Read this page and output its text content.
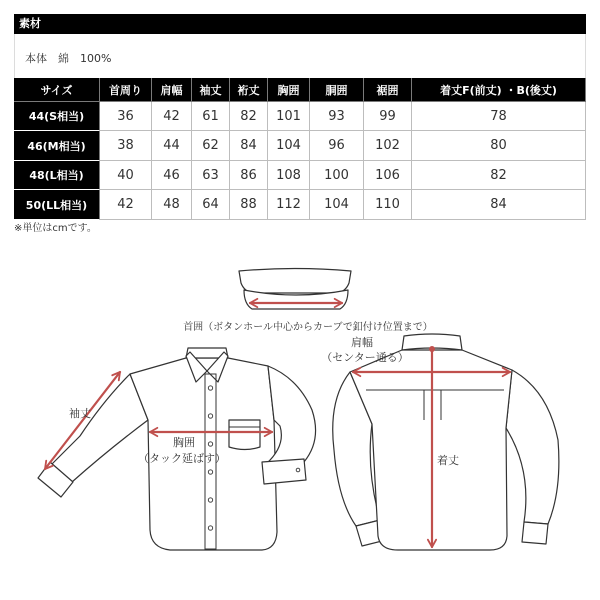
素材
本体　綿　100%
サイズ	首周り	肩幅	袖丈	裄丈	胸囲	胴囲	裾囲	着丈F(前丈) ・B(後丈)
44(S相当)	36	42	61	82	101	93	99	78
46(M相当)	38	44	62	84	104	96	102	80
48(L相当)	40	46	63	86	108	100	106	82
50(LL相当)	42	48	64	88	112	104	110	84
※単位はcmです。
首囲（ボタンホール中心からカーブで釦付け位置まで）
袖丈
胸囲
（タック延ばす）
肩幅
（センター通る）
着丈
